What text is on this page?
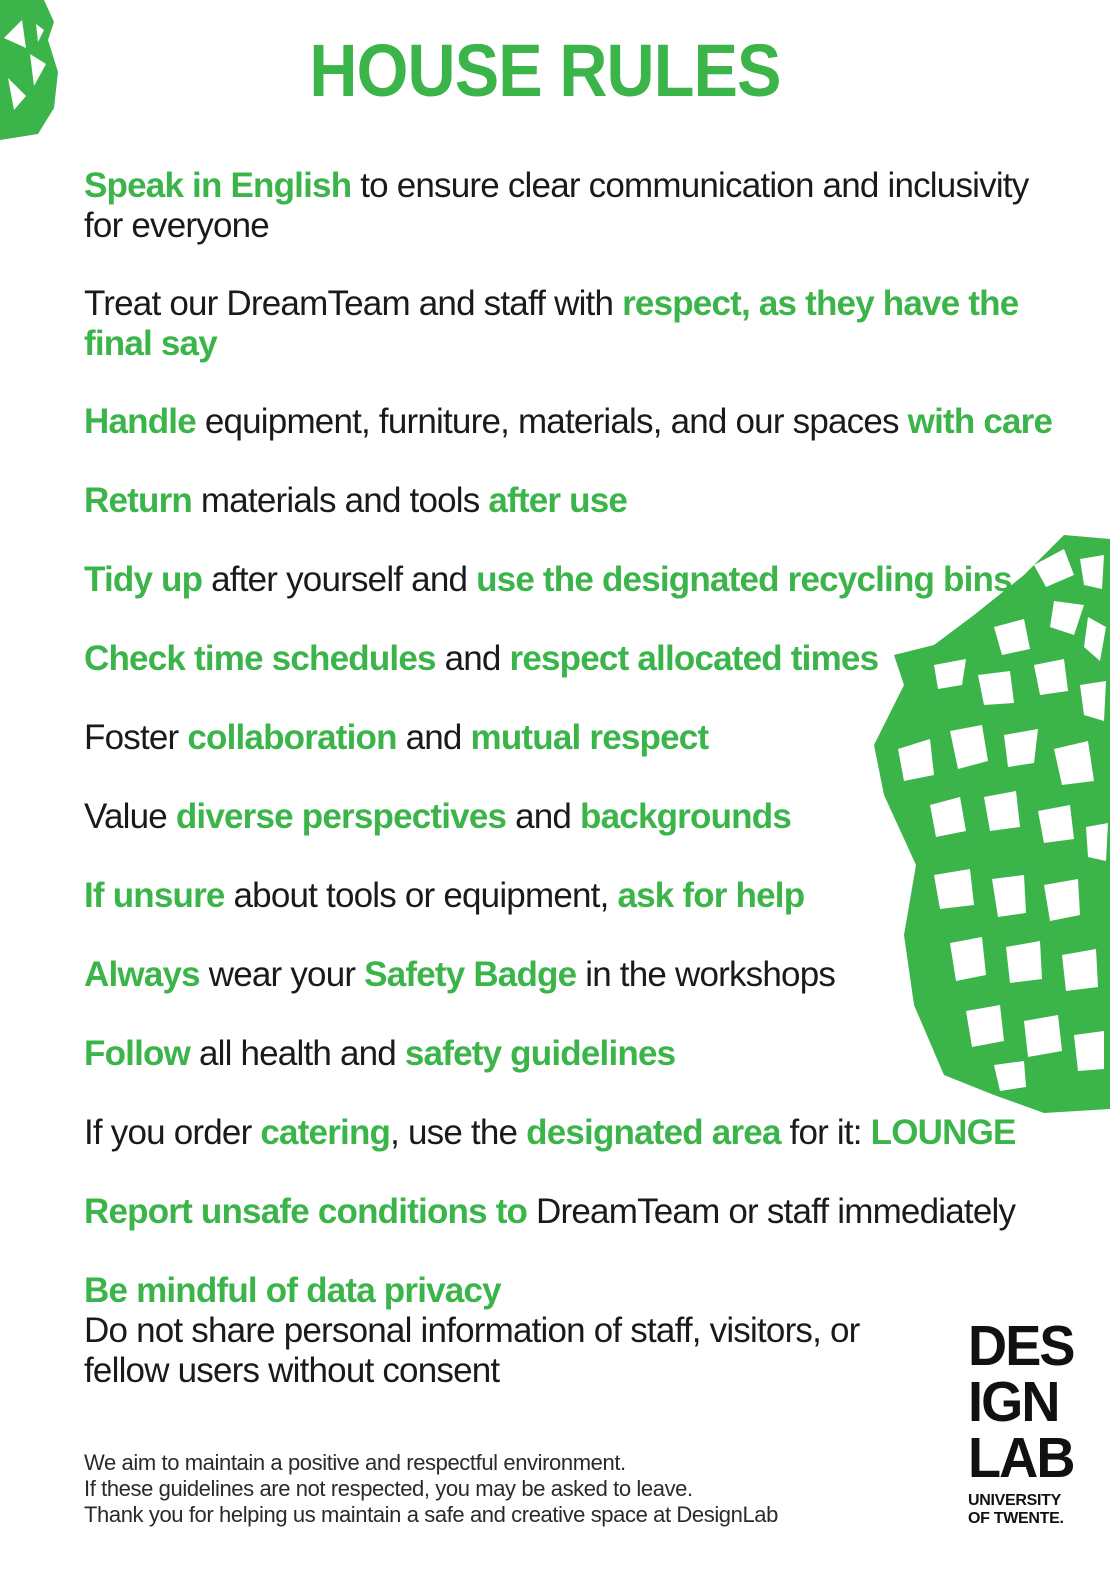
HOUSE RULES
Speak in English to ensure clear communication and inclusivity
for everyone
Treat our DreamTeam and staff with respect, as they have the
final say
Handle equipment, furniture, materials, and our spaces with care
Return materials and tools after use
Tidy up after yourself and use the designated recycling bins
Check time schedules and respect allocated times
Foster collaboration and mutual respect
Value diverse perspectives and backgrounds
If unsure about tools or equipment, ask for help
Always wear your Safety Badge in the workshops
Follow all health and safety guidelines
If you order catering, use the designated area for it: LOUNGE
Report unsafe conditions to DreamTeam or staff immediately
Be mindful of data privacy
Do not share personal information of staff, visitors, or
fellow users without consent
We aim to maintain a positive and respectful environment.
If these guidelines are not respected, you may be asked to leave.
Thank you for helping us maintain a safe and creative space at DesignLab
DES
IGN
LAB
UNIVERSITY
OF TWENTE.
